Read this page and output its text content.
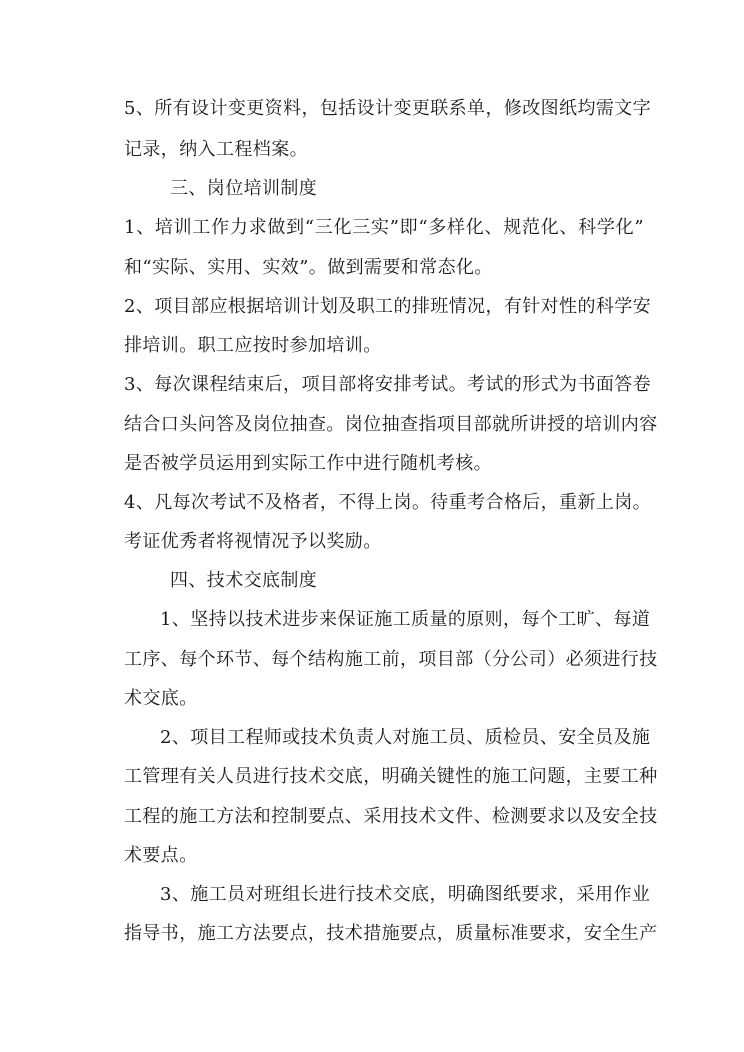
5、所有设计变更资料，包括设计变更联系单，修改图纸均需文字
记录，纳入工程档案。
三、岗位培训制度
1、培训工作力求做到“三化三实”即“多样化、规范化、科学化”
和“实际、实用、实效”。做到需要和常态化。
2、项目部应根据培训计划及职工的排班情况，有针对性的科学安
排培训。职工应按时参加培训。
3、每次课程结束后，项目部将安排考试。考试的形式为书面答卷
结合口头问答及岗位抽查。岗位抽查指项目部就所讲授的培训内容
是否被学员运用到实际工作中进行随机考核。
4、凡每次考试不及格者，不得上岗。待重考合格后，重新上岗。
考证优秀者将视情况予以奖励。
四、技术交底制度
1、坚持以技术进步来保证施工质量的原则，每个工旷、每道
工序、每个环节、每个结构施工前，项目部（分公司）必须进行技
术交底。
2、项目工程师或技术负责人对施工员、质检员、安全员及施
工管理有关人员进行技术交底，明确关键性的施工问题，主要工种
工程的施工方法和控制要点、采用技术文件、检测要求以及安全技
术要点。
3、施工员对班组长进行技术交底，明确图纸要求，采用作业
指导书，施工方法要点，技术措施要点，质量标准要求，安全生产
